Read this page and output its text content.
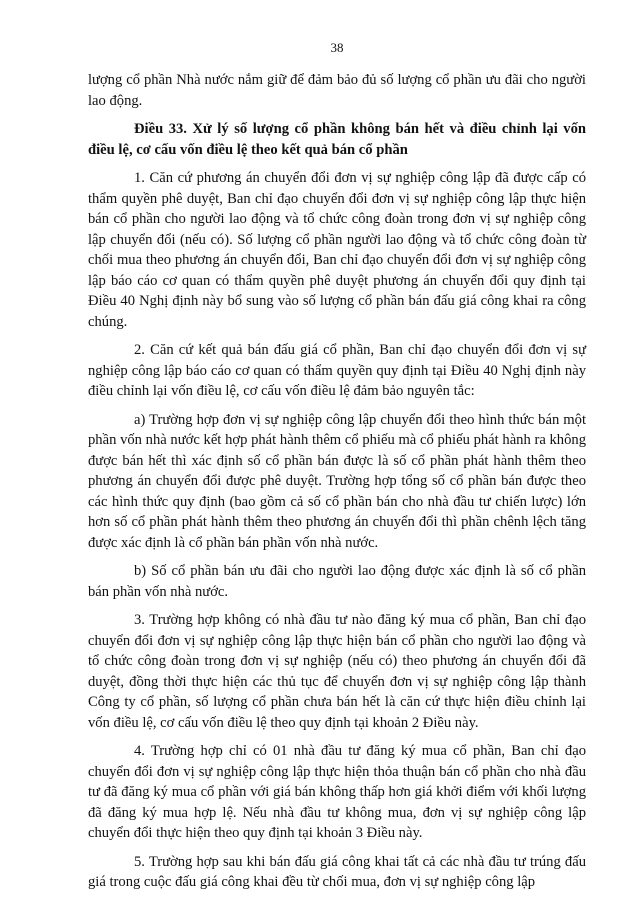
38

lượng cổ phần Nhà nước nắm giữ để đảm bảo đủ số lượng cổ phần ưu đãi cho người lao động.

Điều 33. Xử lý số lượng cổ phần không bán hết và điều chỉnh lại vốn điều lệ, cơ cấu vốn điều lệ theo kết quả bán cổ phần

1. Căn cứ phương án chuyển đổi đơn vị sự nghiệp công lập đã được cấp có thẩm quyền phê duyệt, Ban chỉ đạo chuyển đổi đơn vị sự nghiệp công lập thực hiện bán cổ phần cho người lao động và tổ chức công đoàn trong đơn vị sự nghiệp công lập chuyển đổi (nếu có). Số lượng cổ phần người lao động và tổ chức công đoàn từ chối mua theo phương án chuyển đổi, Ban chỉ đạo chuyển đổi đơn vị sự nghiệp công lập báo cáo cơ quan có thẩm quyền phê duyệt phương án chuyển đổi quy định tại Điều 40 Nghị định này bổ sung vào số lượng cổ phần bán đấu giá công khai ra công chúng.

2. Căn cứ kết quả bán đấu giá cổ phần, Ban chỉ đạo chuyển đổi đơn vị sự nghiệp công lập báo cáo cơ quan có thẩm quyền quy định tại Điều 40 Nghị định này điều chỉnh lại vốn điều lệ, cơ cấu vốn điều lệ đảm bảo nguyên tắc:

a) Trường hợp đơn vị sự nghiệp công lập chuyển đổi theo hình thức bán một phần vốn nhà nước kết hợp phát hành thêm cổ phiếu mà cổ phiếu phát hành ra không được bán hết thì xác định số cổ phần bán được là số cổ phần phát hành thêm theo phương án chuyển đổi được phê duyệt. Trường hợp tổng số cổ phần bán được theo các hình thức quy định (bao gồm cả số cổ phần bán cho nhà đầu tư chiến lược) lớn hơn số cổ phần phát hành thêm theo phương án chuyển đổi thì phần chênh lệch tăng được xác định là cổ phần bán phần vốn nhà nước.

b) Số cổ phần bán ưu đãi cho người lao động được xác định là số cổ phần bán phần vốn nhà nước.

3. Trường hợp không có nhà đầu tư nào đăng ký mua cổ phần, Ban chỉ đạo chuyển đổi đơn vị sự nghiệp công lập thực hiện bán cổ phần cho người lao động và tổ chức công đoàn trong đơn vị sự nghiệp (nếu có) theo phương án chuyển đổi đã duyệt, đồng thời thực hiện các thủ tục để chuyển đơn vị sự nghiệp công lập thành Công ty cổ phần, số lượng cổ phần chưa bán hết là căn cứ thực hiện điều chỉnh lại vốn điều lệ, cơ cấu vốn điều lệ theo quy định tại khoản 2 Điều này.

4. Trường hợp chỉ có 01 nhà đầu tư đăng ký mua cổ phần, Ban chỉ đạo chuyển đổi đơn vị sự nghiệp công lập thực hiện thỏa thuận bán cổ phần cho nhà đầu tư đã đăng ký mua cổ phần với giá bán không thấp hơn giá khởi điểm với khối lượng đã đăng ký mua hợp lệ. Nếu nhà đầu tư không mua, đơn vị sự nghiệp công lập chuyển đổi thực hiện theo quy định tại khoản 3 Điều này.

5. Trường hợp sau khi bán đấu giá công khai tất cả các nhà đầu tư trúng đấu giá trong cuộc đấu giá công khai đều từ chối mua, đơn vị sự nghiệp công lập
